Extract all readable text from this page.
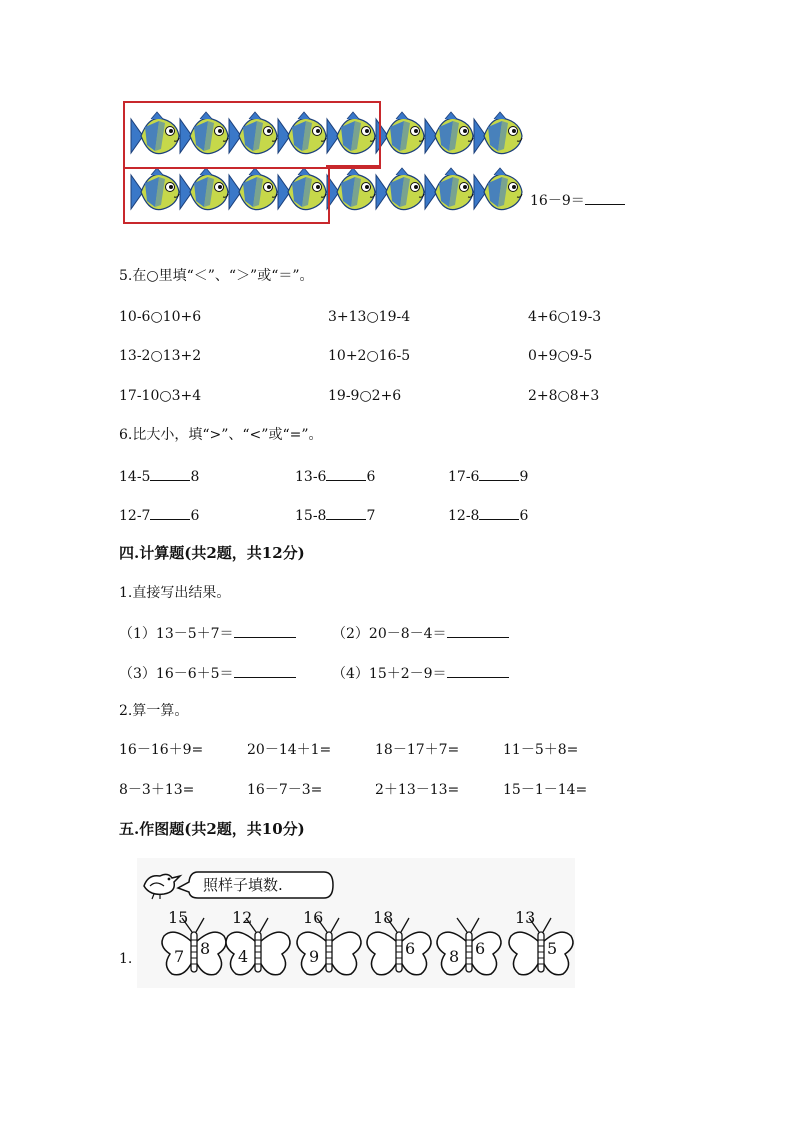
16－9＝
5.在○里填“＜”、“＞”或“＝”。
10-6○10+6	3+13○19-4	4+6○19-3
13-2○13+2	10+2○16-5	0+9○9-5
17-10○3+4	19-9○2+6	2+8○8+3
6.比大小，填“>”、“<”或“=”。
14-5	8	13-6	6	17-6	9
12-7	6	15-8	7	12-8	6
四.计算题(共2题，共12分)
1.直接写出结果。
（1）13－5＋7＝	（2）20－8－4＝
（3）16－6＋5＝	（4）15＋2－9＝
2.算一算。
16－16＋9=	20－14＋1=	18－17＋7=	11－5＋8=
8－3＋13=	16－7－3=	2＋13－13=	15－1－14=
五.作图题(共2题，共10分)
照样子填数.
1.
15
7 8
12
4
16
9
18
6 8 6
13
5
